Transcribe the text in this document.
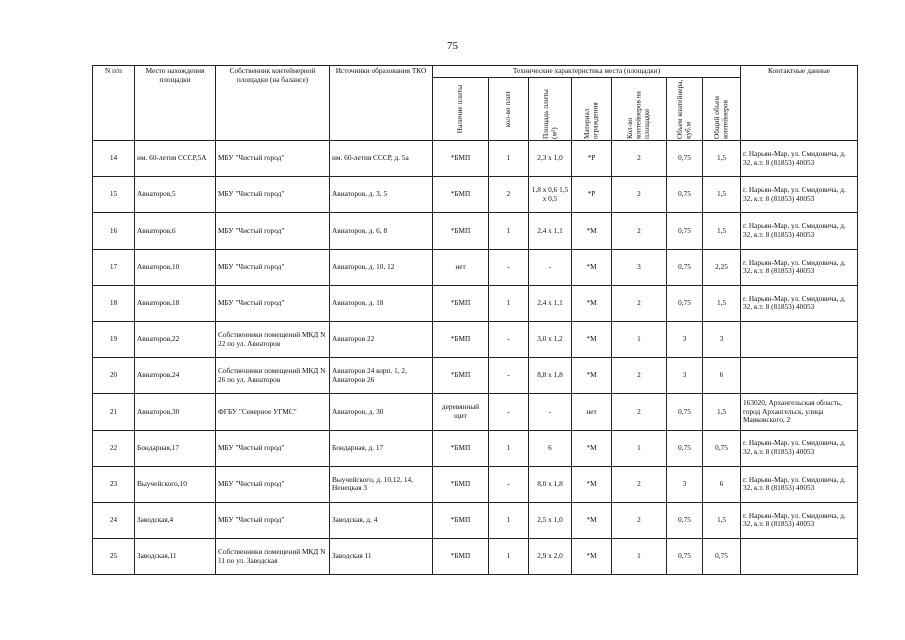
75
N п/п	Место нахождения площадки	Собственник контейнерной площадки (на балансе)	Источники образования ТКО	Технические характеристика места (площадки)							Контактные данные

				Наличие плиты	кол-во плит	Площадь плиты (м²)	Материал ограждения	Кол-во контейнеров на площадке	Объем контейнера, куб.м	Общий объем контейнеров	

14	им. 60-летия СССР,5А	МБУ "Чистый город"	им. 60-летия СССР, д. 5а	*БМП	1	2,3 х 1,0	*Р	2	0,75	1,5	г. Нарьян-Мар, ул. Смидовича, д. 32, к.т. 8 (81853) 40053
15	Авиаторов,5	МБУ "Чистый город"	Авиаторов, д. 3, 5	*БМП	2	1,8 х 0,6 1,5 х 0,5	*Р	2	0,75	1,5	г. Нарьян-Мар, ул. Смидовича, д. 32, к.т. 8 (81853) 40053
16	Авиаторов,6	МБУ "Чистый город"	Авиаторов, д. 6, 8	*БМП	1	2,4 х 1,1	*М	2	0,75	1,5	г. Нарьян-Мар, ул. Смидовича, д. 32, к.т. 8 (81853) 40053
17	Авиаторов,10	МБУ "Чистый город"	Авиаторов, д. 10, 12	нет	-	-	*М	3	0,75	2,25	г. Нарьян-Мар, ул. Смидовича, д. 32, к.т. 8 (81853) 40053
18	Авиаторов,18	МБУ "Чистый город"	Авиаторов, д. 18	*БМП	1	2,4 х 1,1	*М	2	0,75	1,5	г. Нарьян-Мар, ул. Смидовича, д. 32, к.т. 8 (81853) 40053
19	Авиаторов,22	Собственники помещений МКД N 22 по ул. Авиаторов	Авиаторов 22	*БМП	-	3,0 х 1,2	*М	1	3	3	
20	Авиаторов,24	Собственники помещений МКД N 26 по ул. Авиаторов	Авиаторов 24 корп. 1, 2, Авиаторов 26	*БМП	-	8,8 х 1,8	*М	2	3	6	
21	Авиаторов,30	ФГБУ "Северное УГМС"	Авиаторов, д. 30	деревянный щит	-	-	нет	2	0,75	1,5	163020, Архангельская область, город Архангельск, улица Маяковского, 2
22	Бондарная,17	МБУ "Чистый город"	Бондарная, д. 17	*БМП	1	6	*М	1	0,75	0,75	г. Нарьян-Мар, ул. Смидовича, д. 32, к.т. 8 (81853) 40053
23	Выучейского,10	МБУ "Чистый город"	Выучейского, д. 10,12, 14, Ненецкая 3	*БМП	-	8,0 х 1,8	*М	2	3	6	г. Нарьян-Мар, ул. Смидовича, д. 32, к.т. 8 (81853) 40053
24	Заводская,4	МБУ "Чистый город"	Заводская, д. 4	*БМП	1	2,5 х 1,0	*М	2	0,75	1,5	г. Нарьян-Мар, ул. Смидовича, д. 32, к.т. 8 (81853) 40053
25	Заводская,11	Собственники помещений МКД N 11 по ул. Заводская	Заводская 11	*БМП	1	2,9 х 2,0	*М	1	0,75	0,75	
